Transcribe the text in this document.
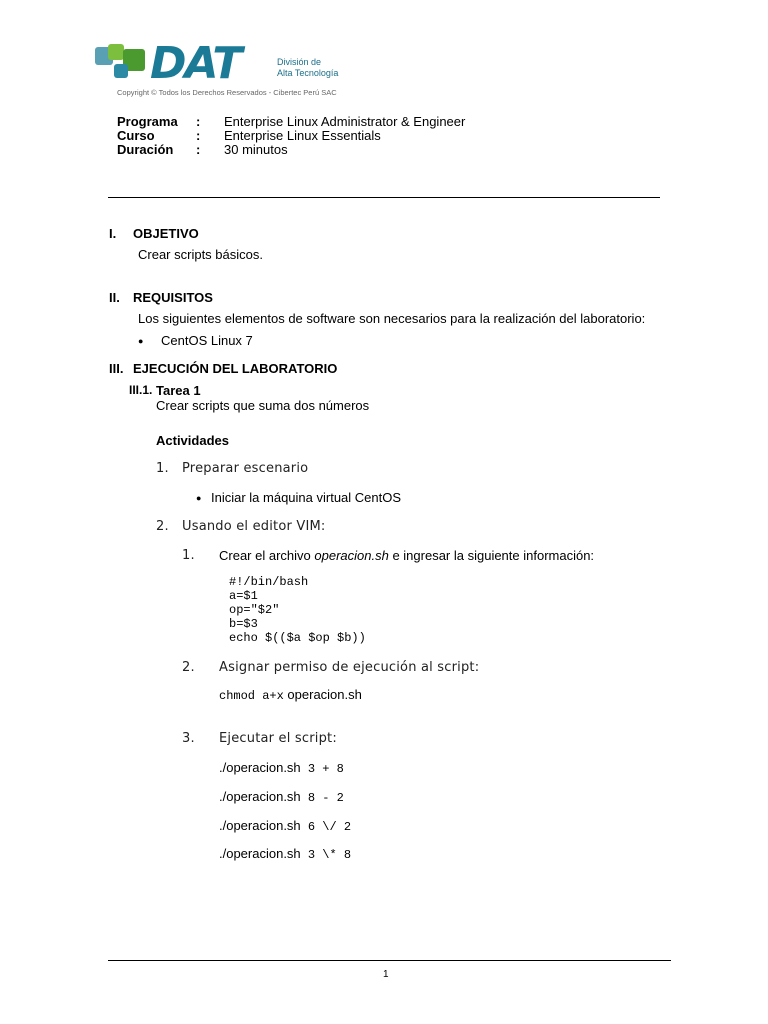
DAT	División de
Alta Tecnología
Copyright © Todos los Derechos Reservados - Cibertec Perú SAC
Programa : Enterprise Linux Administrator & Engineer
Curso	: Enterprise Linux Essentials
Duración : 30 minutos
I. OBJETIVO
Crear scripts básicos.
II. REQUISITOS
Los siguientes elementos de software son necesarios para la realización del laboratorio:
● CentOS Linux 7
III. EJECUCIÓN DEL LABORATORIO
III.1. Tarea 1
Crear scripts que suma dos números
Actividades
1. Preparar escenario
● Iniciar la máquina virtual CentOS
2. Usando el editor VIM:
1. Crear el archivo operacion.sh e ingresar la siguiente información:
#!/bin/bash
a=$1
op="$2"
b=$3
echo $(($a $op $b))
2. Asignar permiso de ejecución al script:
chmod a+x operacion.sh
3. Ejecutar el script:
./operacion.sh 3 + 8
./operacion.sh 8 - 2
./operacion.sh 6 \/ 2
./operacion.sh 3 \* 8
1
